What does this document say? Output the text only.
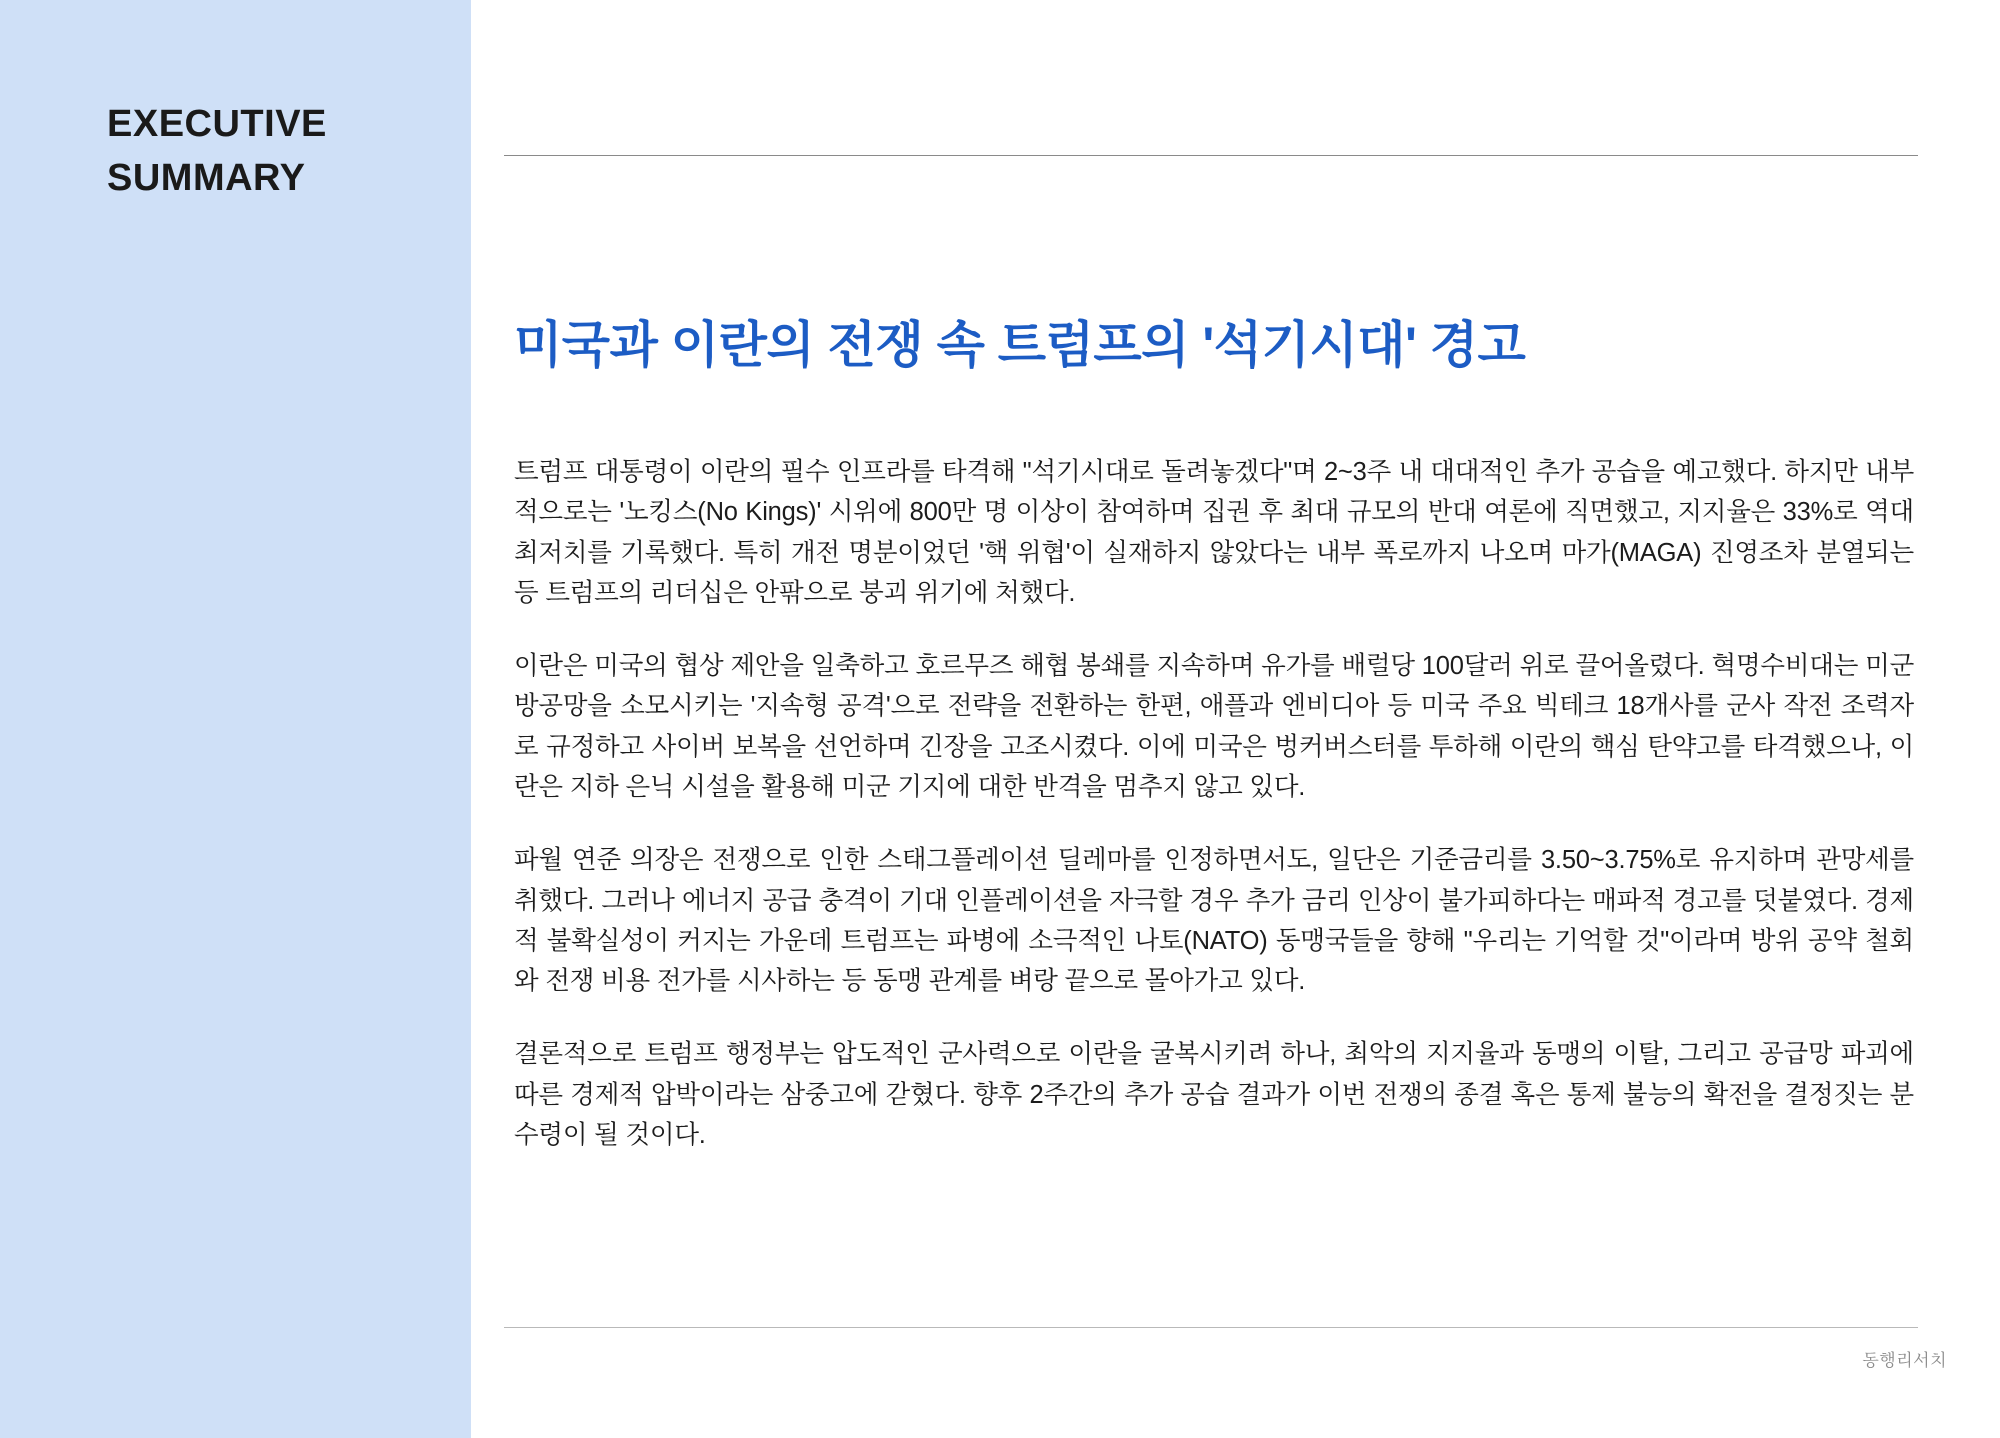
EXECUTIVE
SUMMARY
미국과 이란의 전쟁 속 트럼프의 '석기시대' 경고

트럼프 대통령이 이란의 필수 인프라를 타격해 "석기시대로 돌려놓겠다"며 2~3주 내 대대적인 추가 공습을 예고했다. 하지만 내부적으로는 '노킹스(No Kings)' 시위에 800만 명 이상이 참여하며 집권 후 최대 규모의 반대 여론에 직면했고, 지지율은 33%로 역대 최저치를 기록했다. 특히 개전 명분이었던 '핵 위협'이 실재하지 않았다는 내부 폭로까지 나오며 마가(MAGA) 진영조차 분열되는 등 트럼프의 리더십은 안팎으로 붕괴 위기에 처했다.

이란은 미국의 협상 제안을 일축하고 호르무즈 해협 봉쇄를 지속하며 유가를 배럴당 100달러 위로 끌어올렸다. 혁명수비대는 미군 방공망을 소모시키는 '지속형 공격'으로 전략을 전환하는 한편, 애플과 엔비디아 등 미국 주요 빅테크 18개사를 군사 작전 조력자로 규정하고 사이버 보복을 선언하며 긴장을 고조시켰다. 이에 미국은 벙커버스터를 투하해 이란의 핵심 탄약고를 타격했으나, 이란은 지하 은닉 시설을 활용해 미군 기지에 대한 반격을 멈추지 않고 있다.

파월 연준 의장은 전쟁으로 인한 스태그플레이션 딜레마를 인정하면서도, 일단은 기준금리를 3.50~3.75%로 유지하며 관망세를 취했다. 그러나 에너지 공급 충격이 기대 인플레이션을 자극할 경우 추가 금리 인상이 불가피하다는 매파적 경고를 덧붙였다. 경제적 불확실성이 커지는 가운데 트럼프는 파병에 소극적인 나토(NATO) 동맹국들을 향해 "우리는 기억할 것"이라며 방위 공약 철회와 전쟁 비용 전가를 시사하는 등 동맹 관계를 벼랑 끝으로 몰아가고 있다.

결론적으로 트럼프 행정부는 압도적인 군사력으로 이란을 굴복시키려 하나, 최악의 지지율과 동맹의 이탈, 그리고 공급망 파괴에 따른 경제적 압박이라는 삼중고에 갇혔다. 향후 2주간의 추가 공습 결과가 이번 전쟁의 종결 혹은 통제 불능의 확전을 결정짓는 분수령이 될 것이다.

동행리서치
